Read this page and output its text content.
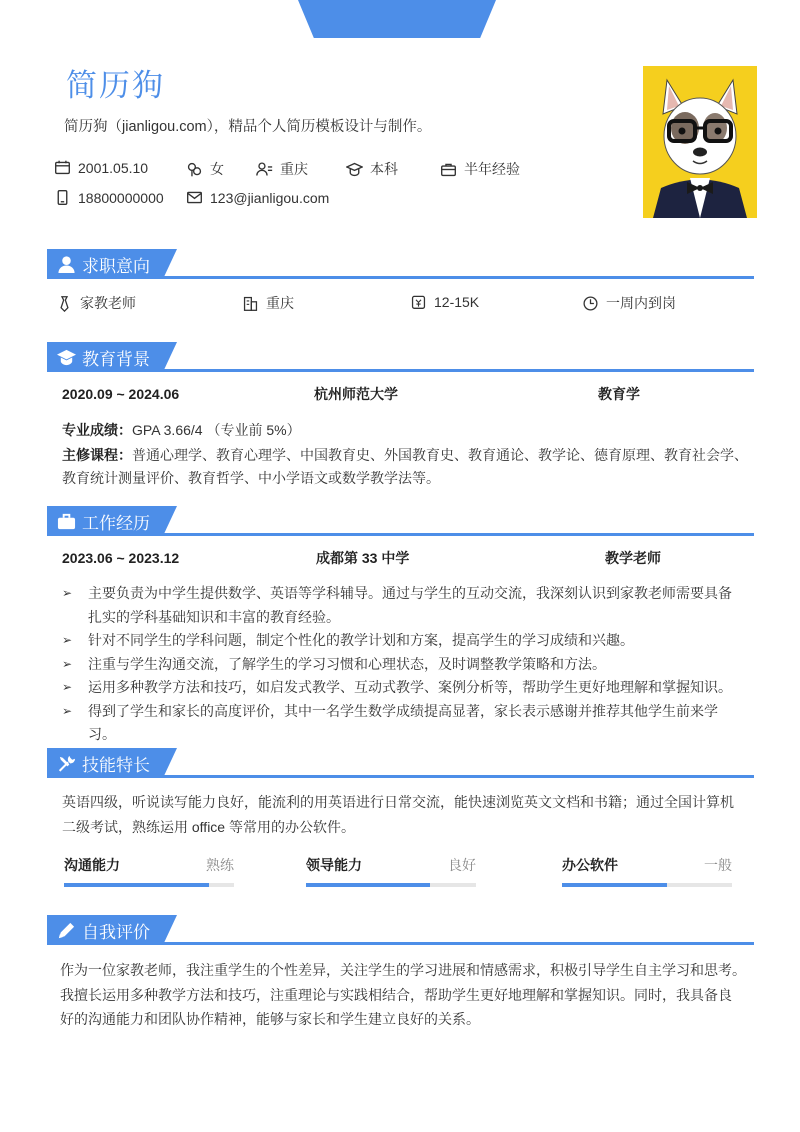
简历狗
简历狗（jianligou.com），精品个人简历模板设计与制作。
2001.05.10	女	重庆	本科	半年经验
18800000000	123@jianligou.com
求职意向
家教老师	重庆	12-15K	一周内到岗
教育背景
2020.09 ~ 2024.06	杭州师范大学	教育学
专业成绩：GPA 3.66/4 （专业前 5%）
主修课程：普通心理学、教育心理学、中国教育史、外国教育史、教育通论、教学论、德育原理、教育社会学、
教育统计测量评价、教育哲学、中小学语文或数学教学法等。
工作经历
2023.06 ~ 2023.12	成都第 33 中学	教学老师
➢	主要负责为中学生提供数学、英语等学科辅导。通过与学生的互动交流，我深刻认识到家教老师需要具备
扎实的学科基础知识和丰富的教育经验。
➢	针对不同学生的学科问题，制定个性化的教学计划和方案，提高学生的学习成绩和兴趣。
➢	注重与学生沟通交流，了解学生的学习习惯和心理状态，及时调整教学策略和方法。
➢	运用多种教学方法和技巧，如启发式教学、互动式教学、案例分析等，帮助学生更好地理解和掌握知识。
➢	得到了学生和家长的高度评价，其中一名学生数学成绩提高显著，家长表示感谢并推荐其他学生前来学习。
技能特长
英语四级，听说读写能力良好，能流利的用英语进行日常交流，能快速浏览英文文档和书籍；通过全国计算机
二级考试，熟练运用 office 等常用的办公软件。
沟通能力	熟练	领导能力	良好	办公软件	一般
自我评价
作为一位家教老师，我注重学生的个性差异，关注学生的学习进展和情感需求，积极引导学生自主学习和思考。
我擅长运用多种教学方法和技巧，注重理论与实践相结合，帮助学生更好地理解和掌握知识。同时，我具备良
好的沟通能力和团队协作精神，能够与家长和学生建立良好的关系。
